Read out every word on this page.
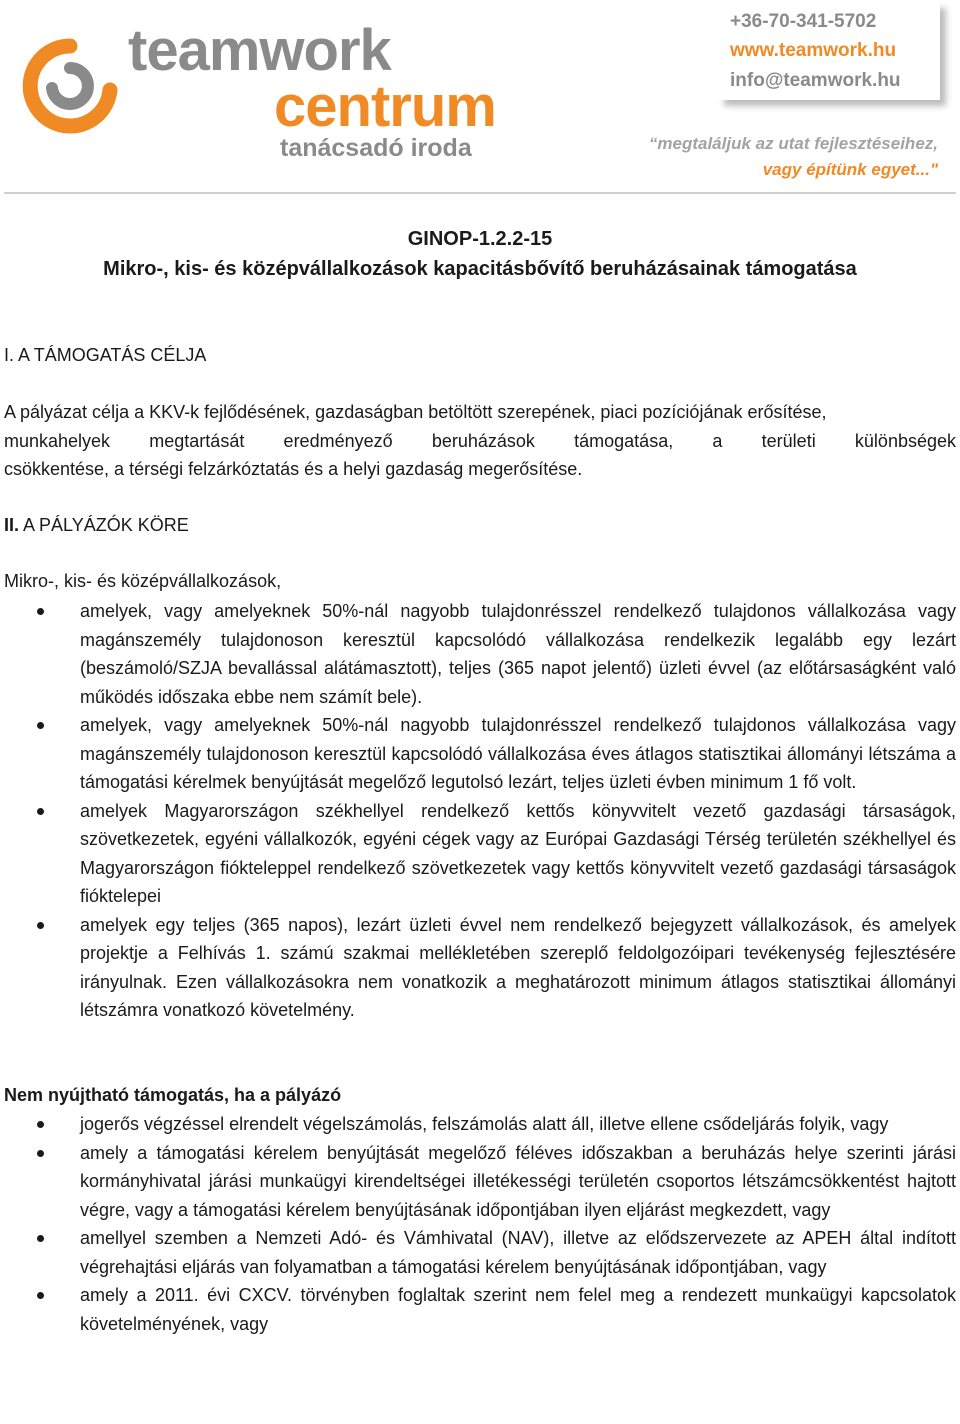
teamwork
centrum
tanácsadó iroda
+36-70-341-5702
www.teamwork.hu
info@teamwork.hu
“megtaláljuk az utat fejlesztéseihez,
vagy építünk egyet..."
GINOP-1.2.2-15
Mikro-, kis- és középvállalkozások kapacitásbővítő beruházásainak támogatása
I. A TÁMOGATÁS CÉLJA
A pályázat célja a KKV-k fejlődésének, gazdaságban betöltött szerepének, piaci pozíciójának erősítése,
munkahelyek megtartását eredményező beruházások támogatása, a területi különbségek
csökkentése, a térségi felzárkóztatás és a helyi gazdaság megerősítése.
II. A PÁLYÁZÓK KÖRE
Mikro-, kis- és középvállalkozások,
amelyek, vagy amelyeknek 50%-nál nagyobb tulajdonrésszel rendelkező tulajdonos vállalkozása vagy magánszemély tulajdonoson keresztül kapcsolódó vállalkozása rendelkezik legalább egy lezárt (beszámoló/SZJA bevallással alátámasztott), teljes (365 napot jelentő) üzleti évvel (az előtársaságként való működés időszaka ebbe nem számít bele).
amelyek, vagy amelyeknek 50%-nál nagyobb tulajdonrésszel rendelkező tulajdonos vállalkozása vagy magánszemély tulajdonoson keresztül kapcsolódó vállalkozása éves átlagos statisztikai állományi létszáma a támogatási kérelmek benyújtását megelőző legutolsó lezárt, teljes üzleti évben minimum 1 fő volt.
amelyek Magyarországon székhellyel rendelkező kettős könyvvitelt vezető gazdasági társaságok, szövetkezetek, egyéni vállalkozók, egyéni cégek vagy az Európai Gazdasági Térség területén székhellyel és Magyarországon fiókteleppel rendelkező szövetkezetek vagy kettős könyvvitelt vezető gazdasági társaságok fióktelepei
amelyek egy teljes (365 napos), lezárt üzleti évvel nem rendelkező bejegyzett vállalkozások, és amelyek projektje a Felhívás 1. számú szakmai mellékletében szereplő feldolgozóipari tevékenység fejlesztésére irányulnak. Ezen vállalkozásokra nem vonatkozik a meghatározott minimum átlagos statisztikai állományi létszámra vonatkozó követelmény.
Nem nyújtható támogatás, ha a pályázó
jogerős végzéssel elrendelt végelszámolás, felszámolás alatt áll, illetve ellene csődeljárás folyik, vagy
amely a támogatási kérelem benyújtását megelőző féléves időszakban a beruházás helye szerinti járási kormányhivatal járási munkaügyi kirendeltségei illetékességi területén csoportos létszámcsökkentést hajtott végre, vagy a támogatási kérelem benyújtásának időpontjában ilyen eljárást megkezdett, vagy
amellyel szemben a Nemzeti Adó- és Vámhivatal (NAV), illetve az elődszervezete az APEH által indított végrehajtási eljárás van folyamatban a támogatási kérelem benyújtásának időpontjában, vagy
amely a 2011. évi CXCV. törvényben foglaltak szerint nem felel meg a rendezett munkaügyi kapcsolatok követelményének, vagy
